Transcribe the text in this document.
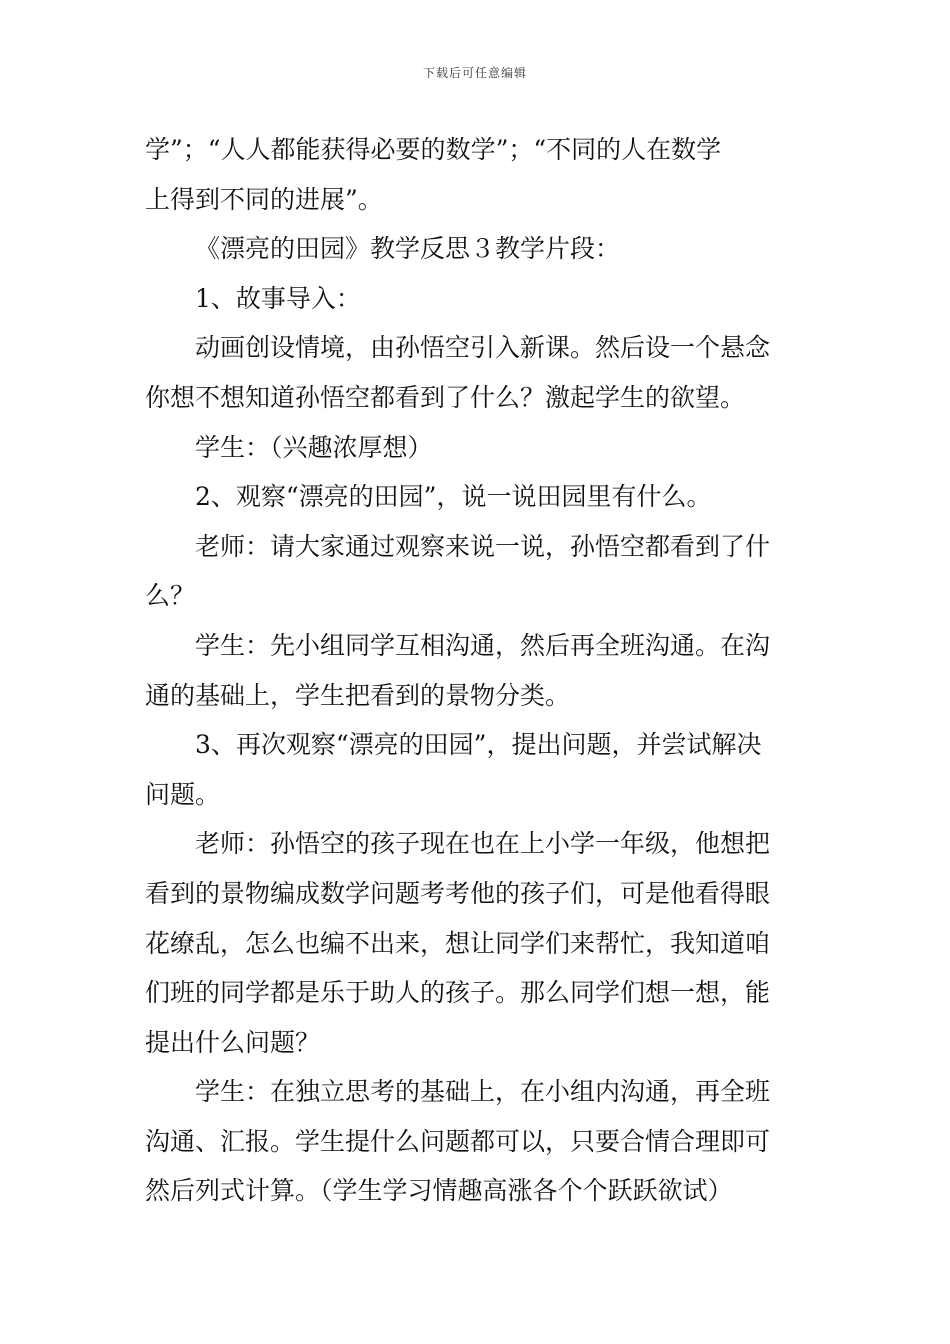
下载后可任意编辑

学”；“人人都能获得必要的数学”；“不同的人在数学
上得到不同的进展”。

《漂亮的田园》教学反思３教学片段：

1、故事导入：

动画创设情境，由孙悟空引入新课。然后设一个悬念
你想不想知道孙悟空都看到了什么？激起学生的欲望。

学生：（兴趣浓厚想）

2、观察“漂亮的田园”，说一说田园里有什么。

老师：请大家通过观察来说一说，孙悟空都看到了什
么？

学生：先小组同学互相沟通，然后再全班沟通。在沟
通的基础上，学生把看到的景物分类。

3、再次观察“漂亮的田园”，提出问题，并尝试解决
问题。

老师：孙悟空的孩子现在也在上小学一年级，他想把
看到的景物编成数学问题考考他的孩子们，可是他看得眼
花缭乱，怎么也编不出来，想让同学们来帮忙，我知道咱
们班的同学都是乐于助人的孩子。那么同学们想一想，能
提出什么问题？

学生：在独立思考的基础上，在小组内沟通，再全班
沟通、汇报。学生提什么问题都可以，只要合情合理即可
然后列式计算。（学生学习情趣高涨各个个跃跃欲试）
